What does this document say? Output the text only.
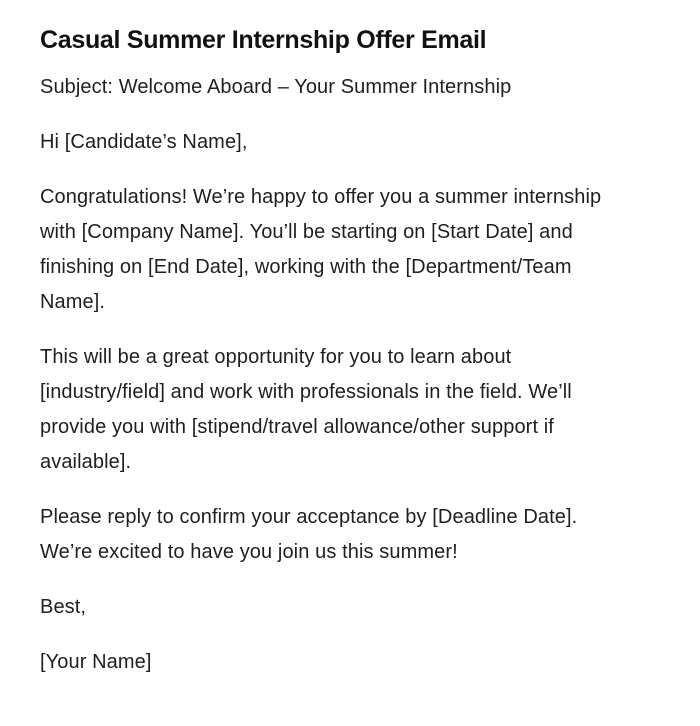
Casual Summer Internship Offer Email

Subject: Welcome Aboard – Your Summer Internship

Hi [Candidate’s Name],

Congratulations! We’re happy to offer you a summer internship
with [Company Name]. You’ll be starting on [Start Date] and
finishing on [End Date], working with the [Department/Team
Name].

This will be a great opportunity for you to learn about
[industry/field] and work with professionals in the field. We’ll
provide you with [stipend/travel allowance/other support if
available].

Please reply to confirm your acceptance by [Deadline Date].
We’re excited to have you join us this summer!

Best,

[Your Name]
